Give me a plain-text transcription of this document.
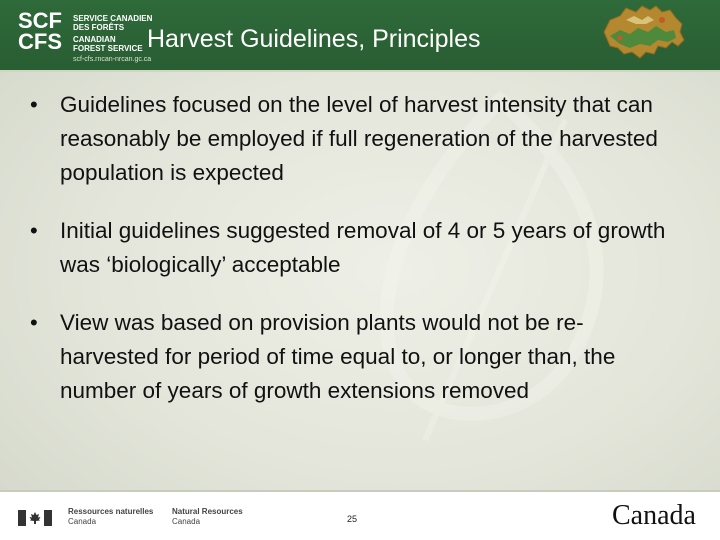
SCF
CFS
SERVICE CANADIEN
DES FORÊTS
CANADIAN
FOREST SERVICE
scf-cfs.rncan-nrcan.gc.ca
Harvest Guidelines, Principles
• Guidelines focused on the level of harvest intensity that can reasonably be employed if full regeneration of the harvested population is expected
• Initial guidelines suggested removal of 4 or 5 years of growth was ‘biologically’ acceptable
• View was based on provision plants would not be re-harvested for period of time equal to, or longer than, the number of years of growth extensions removed
Ressources naturelles
Canada
Natural Resources
Canada	25	Canada
